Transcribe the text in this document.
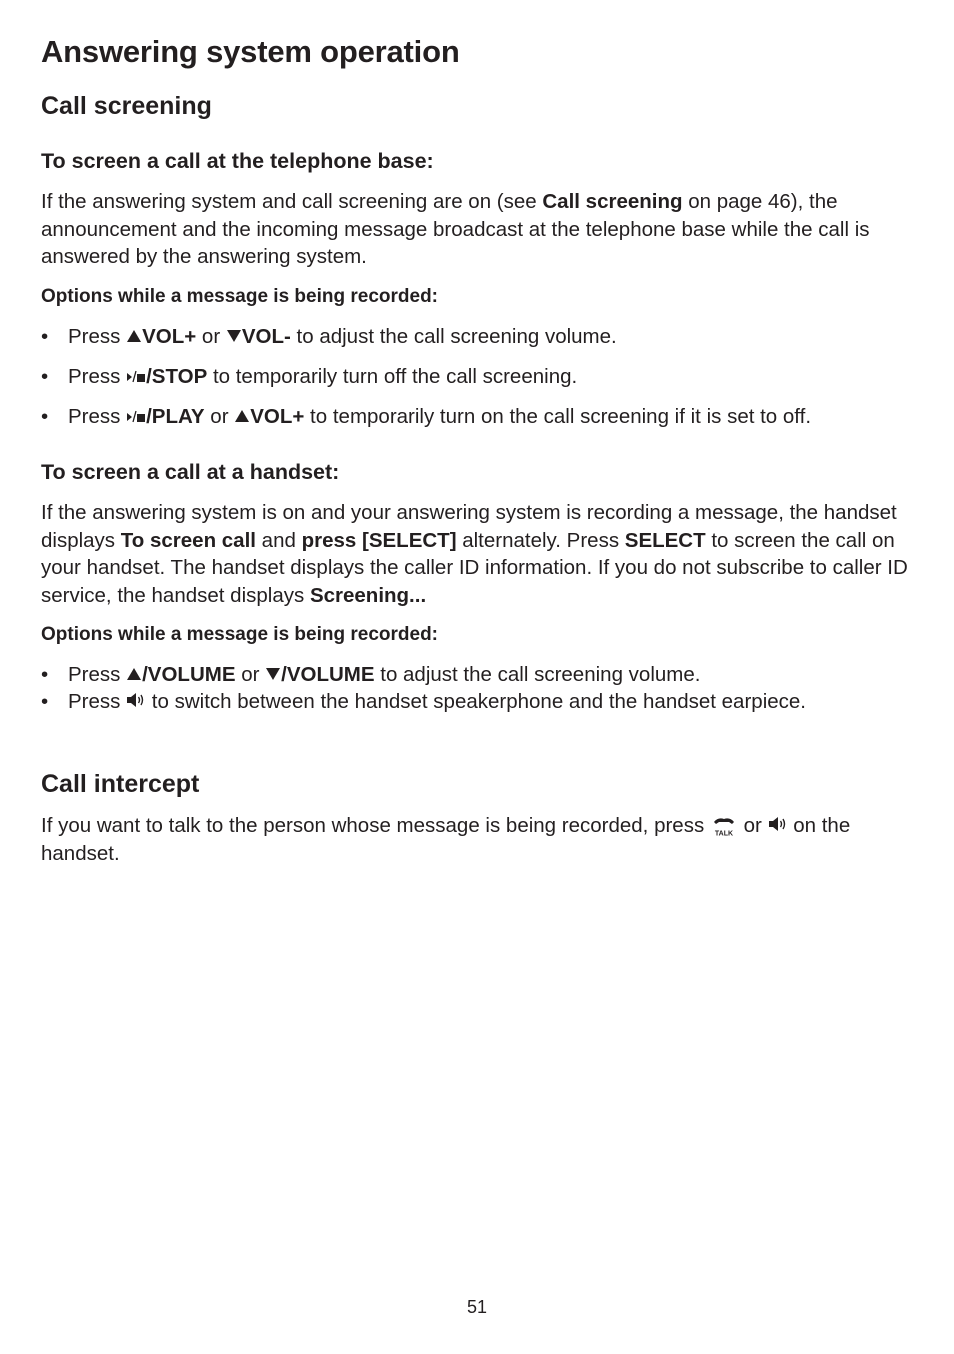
Answering system operation
Call screening
To screen a call at the telephone base:

If the answering system and call screening are on (see Call screening on page 46), the announcement and the incoming message broadcast at the telephone base while the call is answered by the answering system.

Options while a message is being recorded:

• Press VOL+ or VOL- to adjust the call screening volume.
• Press /STOP to temporarily turn off the call screening.
• Press /PLAY or VOL+ to temporarily turn on the call screening if it is set to off.
To screen a call at a handset:

If the answering system is on and your answering system is recording a message, the handset displays To screen call and press [SELECT] alternately. Press SELECT to screen the call on your handset. The handset displays the caller ID information. If you do not subscribe to caller ID service, the handset displays Screening...

Options while a message is being recorded:

• Press /VOLUME or /VOLUME to adjust the call screening volume.
• Press  to switch between the handset speakerphone and the handset earpiece.
Call intercept

If you want to talk to the person whose message is being recorded, press TALK or  on the handset.

51
